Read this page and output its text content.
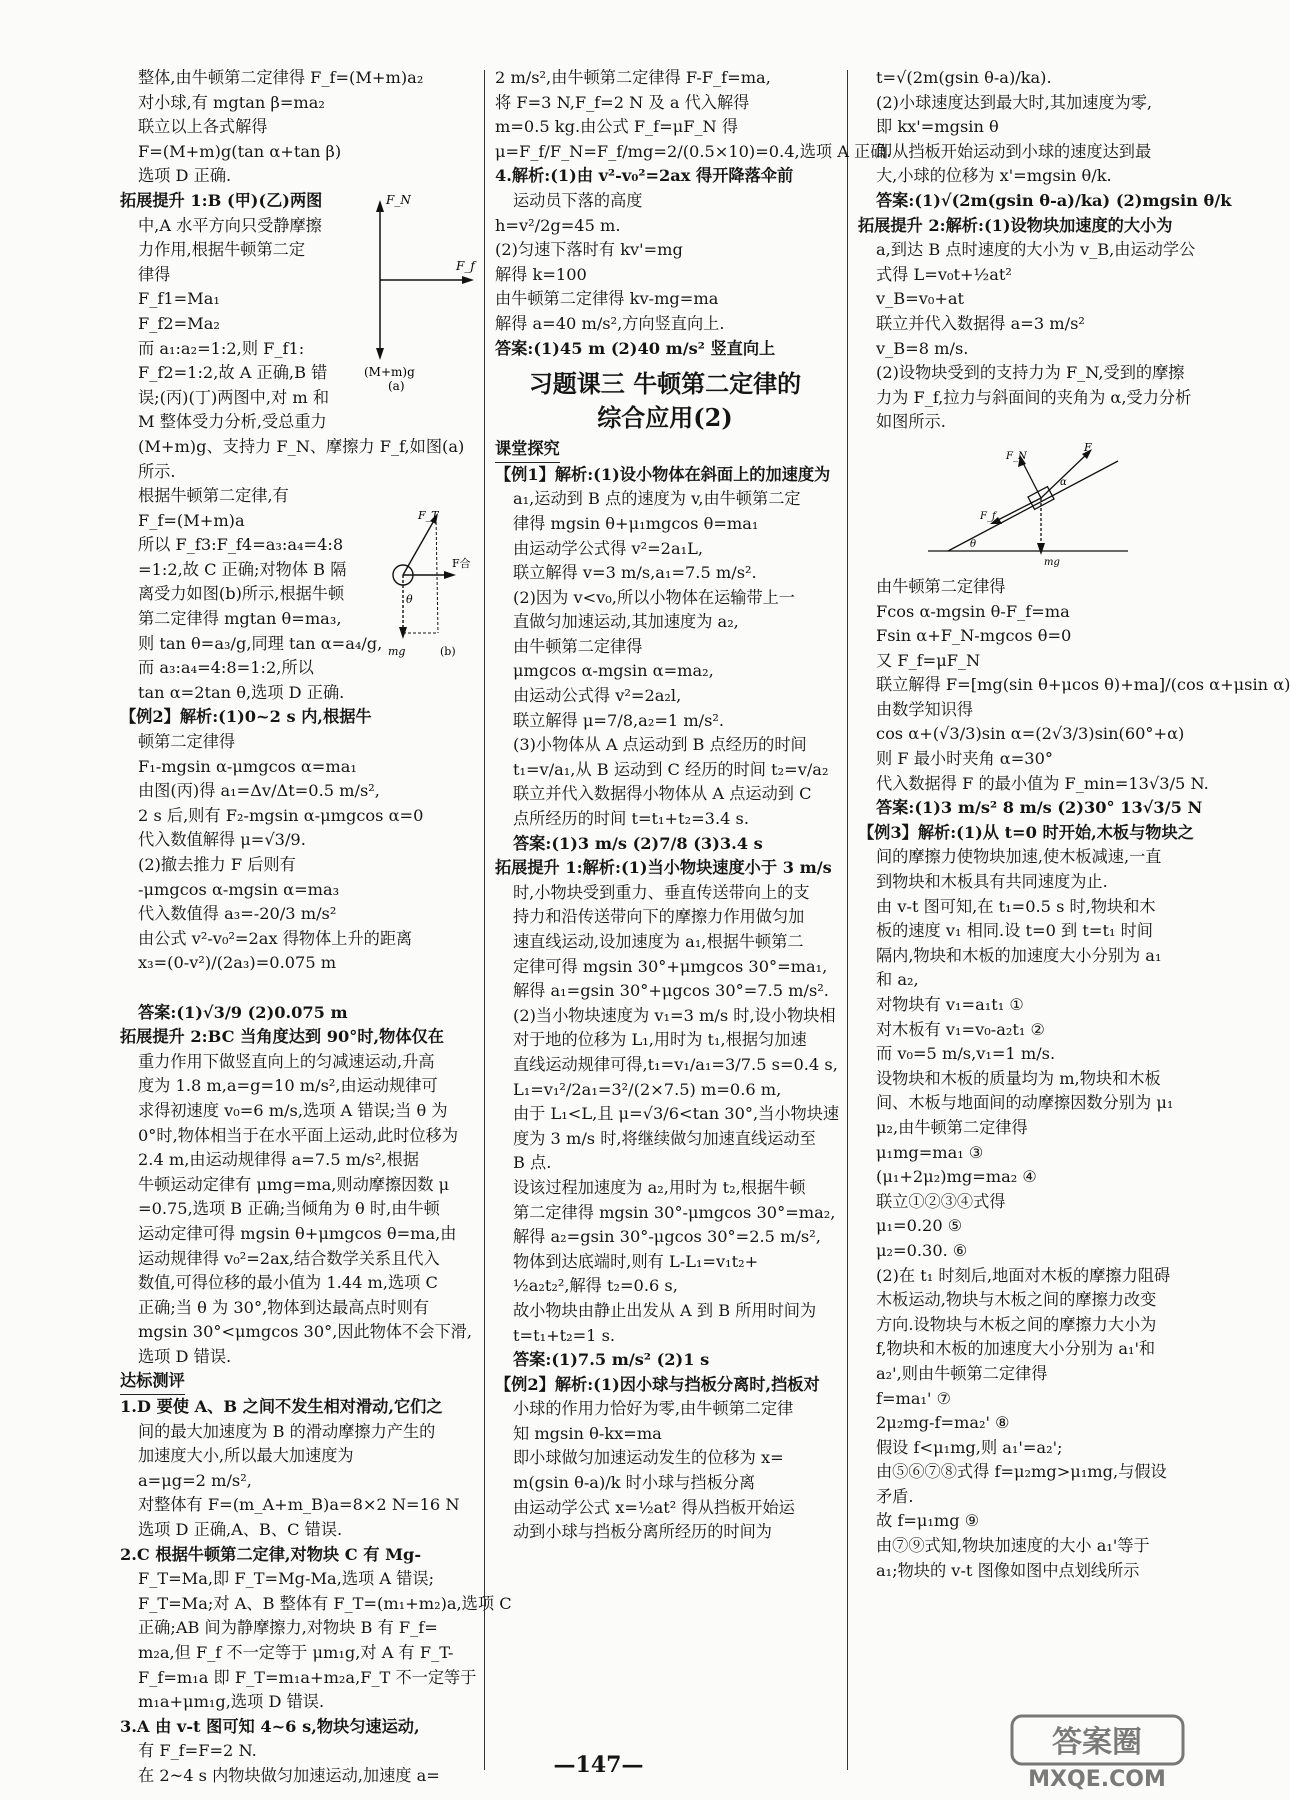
整体,由牛顿第二定律得 F_f=(M+m)a₂
对小球,有 mgtan β=ma₂
联立以上各式解得
F=(M+m)g(tan α+tan β)
选项 D 正确.
拓展提升 1:B (甲)(乙)两图
中,A 水平方向只受静摩擦
力作用,根据牛顿第二定
律得
F_f1=Ma₁
F_f2=Ma₂
而 a₁:a₂=1:2,则 F_f1:
F_f2=1:2,故 A 正确,B 错
误;(丙)(丁)两图中,对 m 和
M 整体受力分析,受总重力
(M+m)g、支持力 F_N、摩擦力 F_f,如图(a)
所示.
根据牛顿第二定律,有
F_f=(M+m)a
所以 F_f3:F_f4=a₃:a₄=4:8
=1:2,故 C 正确;对物体 B 隔
离受力如图(b)所示,根据牛顿
第二定律得 mgtan θ=ma₃,
则 tan θ=a₃/g,同理 tan α=a₄/g,
而 a₃:a₄=4:8=1:2,所以
tan α=2tan θ,选项 D 正确.
【例2】解析:(1)0~2 s 内,根据牛
顿第二定律得
F₁-mgsin α-μmgcos α=ma₁
由图(丙)得 a₁=Δv/Δt=0.5 m/s²,
2 s 后,则有 F₂-mgsin α-μmgcos α=0
代入数值解得 μ=√3/9.
(2)撤去推力 F 后则有
-μmgcos α-mgsin α=ma₃
代入数值得 a₃=-20/3 m/s²
由公式 v²-v₀²=2ax 得物体上升的距离
x₃=(0-v²)/(2a₃)=0.075 m
答案:(1)√3/9 (2)0.075 m
拓展提升 2:BC 当角度达到 90°时,物体仅在
重力作用下做竖直向上的匀减速运动,升高
度为 1.8 m,a=g=10 m/s²,由运动规律可
求得初速度 v₀=6 m/s,选项 A 错误;当 θ 为
0°时,物体相当于在水平面上运动,此时位移为
2.4 m,由运动规律得 a=7.5 m/s²,根据
牛顿运动定律有 μmg=ma,则动摩擦因数 μ
=0.75,选项 B 正确;当倾角为 θ 时,由牛顿
运动定律可得 mgsin θ+μmgcos θ=ma,由
运动规律得 v₀²=2ax,结合数学关系且代入
数值,可得位移的最小值为 1.44 m,选项 C
正确;当 θ 为 30°,物体到达最高点时则有
mgsin 30°<μmgcos 30°,因此物体不会下滑,
选项 D 错误.
达标测评
1.D 要使 A、B 之间不发生相对滑动,它们之
间的最大加速度为 B 的滑动摩擦力产生的
加速度大小,所以最大加速度为
a=μg=2 m/s²,
对整体有 F=(m_A+m_B)a=8×2 N=16 N
选项 D 正确,A、B、C 错误.
2.C 根据牛顿第二定律,对物块 C 有 Mg-
F_T=Ma,即 F_T=Mg-Ma,选项 A 错误;
F_T=Ma;对 A、B 整体有 F_T=(m₁+m₂)a,选项 C
正确;AB 间为静摩擦力,对物块 B 有 F_f=
m₂a,但 F_f 不一定等于 μm₁g,对 A 有 F_T-
F_f=m₁a 即 F_T=m₁a+m₂a,F_T 不一定等于
m₁a+μm₁g,选项 D 错误.
3.A 由 v-t 图可知 4~6 s,物块匀速运动,
有 F_f=F=2 N.
在 2~4 s 内物块做匀加速运动,加速度 a=
F_N
F_f
(M+m)g
(a)
F_T
F合
θ
mg	(b)
2 m/s²,由牛顿第二定律得 F-F_f=ma,
将 F=3 N,F_f=2 N 及 a 代入解得
m=0.5 kg.由公式 F_f=μF_N 得
μ=F_f/F_N=F_f/mg=2/(0.5×10)=0.4,选项 A 正确.
4.解析:(1)由 v²-v₀²=2ax 得开降落伞前
运动员下落的高度
h=v²/2g=45 m.
(2)匀速下落时有 kv'=mg
解得 k=100
由牛顿第二定律得 kv-mg=ma
解得 a=40 m/s²,方向竖直向上.
答案:(1)45 m (2)40 m/s² 竖直向上
习题课三 牛顿第二定律的
综合应用(2)
课堂探究
【例1】解析:(1)设小物体在斜面上的加速度为
a₁,运动到 B 点的速度为 v,由牛顿第二定
律得 mgsin θ+μ₁mgcos θ=ma₁
由运动学公式得 v²=2a₁L,
联立解得 v=3 m/s,a₁=7.5 m/s².
(2)因为 v<v₀,所以小物体在运输带上一
直做匀加速运动,其加速度为 a₂,
由牛顿第二定律得
μmgcos α-mgsin α=ma₂,
由运动公式得 v²=2a₂l,
联立解得 μ=7/8,a₂=1 m/s².
(3)小物体从 A 点运动到 B 点经历的时间
t₁=v/a₁,从 B 运动到 C 经历的时间 t₂=v/a₂
联立并代入数据得小物体从 A 点运动到 C
点所经历的时间 t=t₁+t₂=3.4 s.
答案:(1)3 m/s (2)7/8 (3)3.4 s
拓展提升 1:解析:(1)当小物块速度小于 3 m/s
时,小物块受到重力、垂直传送带向上的支
持力和沿传送带向下的摩擦力作用做匀加
速直线运动,设加速度为 a₁,根据牛顿第二
定律可得 mgsin 30°+μmgcos 30°=ma₁,
解得 a₁=gsin 30°+μgcos 30°=7.5 m/s².
(2)当小物块速度为 v₁=3 m/s 时,设小物块相
对于地的位移为 L₁,用时为 t₁,根据匀加速
直线运动规律可得,t₁=v₁/a₁=3/7.5 s=0.4 s,
L₁=v₁²/2a₁=3²/(2×7.5) m=0.6 m,
由于 L₁<L,且 μ=√3/6<tan 30°,当小物块速
度为 3 m/s 时,将继续做匀加速直线运动至
B 点.
设该过程加速度为 a₂,用时为 t₂,根据牛顿
第二定律得 mgsin 30°-μmgcos 30°=ma₂,
解得 a₂=gsin 30°-μgcos 30°=2.5 m/s²,
物体到达底端时,则有 L-L₁=v₁t₂+
½a₂t₂²,解得 t₂=0.6 s,
故小物块由静止出发从 A 到 B 所用时间为
t=t₁+t₂=1 s.
答案:(1)7.5 m/s² (2)1 s
【例2】解析:(1)因小球与挡板分离时,挡板对
小球的作用力恰好为零,由牛顿第二定律
知 mgsin θ-kx=ma
即小球做匀加速运动发生的位移为 x=
m(gsin θ-a)/k 时小球与挡板分离
由运动学公式 x=½at² 得从挡板开始运
动到小球与挡板分离所经历的时间为
t=√(2m(gsin θ-a)/ka).
(2)小球速度达到最大时,其加速度为零,
即 kx'=mgsin θ
即从挡板开始运动到小球的速度达到最
大,小球的位移为 x'=mgsin θ/k.
答案:(1)√(2m(gsin θ-a)/ka) (2)mgsin θ/k
拓展提升 2:解析:(1)设物块加速度的大小为
a,到达 B 点时速度的大小为 v_B,由运动学公
式得 L=v₀t+½at²
v_B=v₀+at
联立并代入数据得 a=3 m/s²
v_B=8 m/s.
(2)设物块受到的支持力为 F_N,受到的摩擦
力为 F_f,拉力与斜面间的夹角为 α,受力分析
如图所示.
F
F_N
F_f
θ
α
mg
由牛顿第二定律得
Fcos α-mgsin θ-F_f=ma
Fsin α+F_N-mgcos θ=0
又 F_f=μF_N
联立解得 F=[mg(sin θ+μcos θ)+ma]/(cos α+μsin α)
由数学知识得
cos α+(√3/3)sin α=(2√3/3)sin(60°+α)
则 F 最小时夹角 α=30°
代入数据得 F 的最小值为 F_min=13√3/5 N.
答案:(1)3 m/s² 8 m/s (2)30° 13√3/5 N
【例3】解析:(1)从 t=0 时开始,木板与物块之
间的摩擦力使物块加速,使木板减速,一直
到物块和木板具有共同速度为止.
由 v-t 图可知,在 t₁=0.5 s 时,物块和木
板的速度 v₁ 相同.设 t=0 到 t=t₁ 时间
隔内,物块和木板的加速度大小分别为 a₁
和 a₂,
对物块有 v₁=a₁t₁ ①
对木板有 v₁=v₀-a₂t₁ ②
而 v₀=5 m/s,v₁=1 m/s.
设物块和木板的质量均为 m,物块和木板
间、木板与地面间的动摩擦因数分别为 μ₁
μ₂,由牛顿第二定律得
μ₁mg=ma₁ ③
(μ₁+2μ₂)mg=ma₂ ④
联立①②③④式得
μ₁=0.20 ⑤
μ₂=0.30. ⑥
(2)在 t₁ 时刻后,地面对木板的摩擦力阻碍
木板运动,物块与木板之间的摩擦力改变
方向.设物块与木板之间的摩擦力大小为
f,物块和木板的加速度大小分别为 a₁'和
a₂',则由牛顿第二定律得
f=ma₁' ⑦
2μ₂mg-f=ma₂' ⑧
假设 f<μ₁mg,则 a₁'=a₂';
由⑤⑥⑦⑧式得 f=μ₂mg>μ₁mg,与假设
矛盾.
故 f=μ₁mg ⑨
由⑦⑨式知,物块加速度的大小 a₁'等于
a₁;物块的 v-t 图像如图中点划线所示
—147—
答案圈
MXQE.COM
